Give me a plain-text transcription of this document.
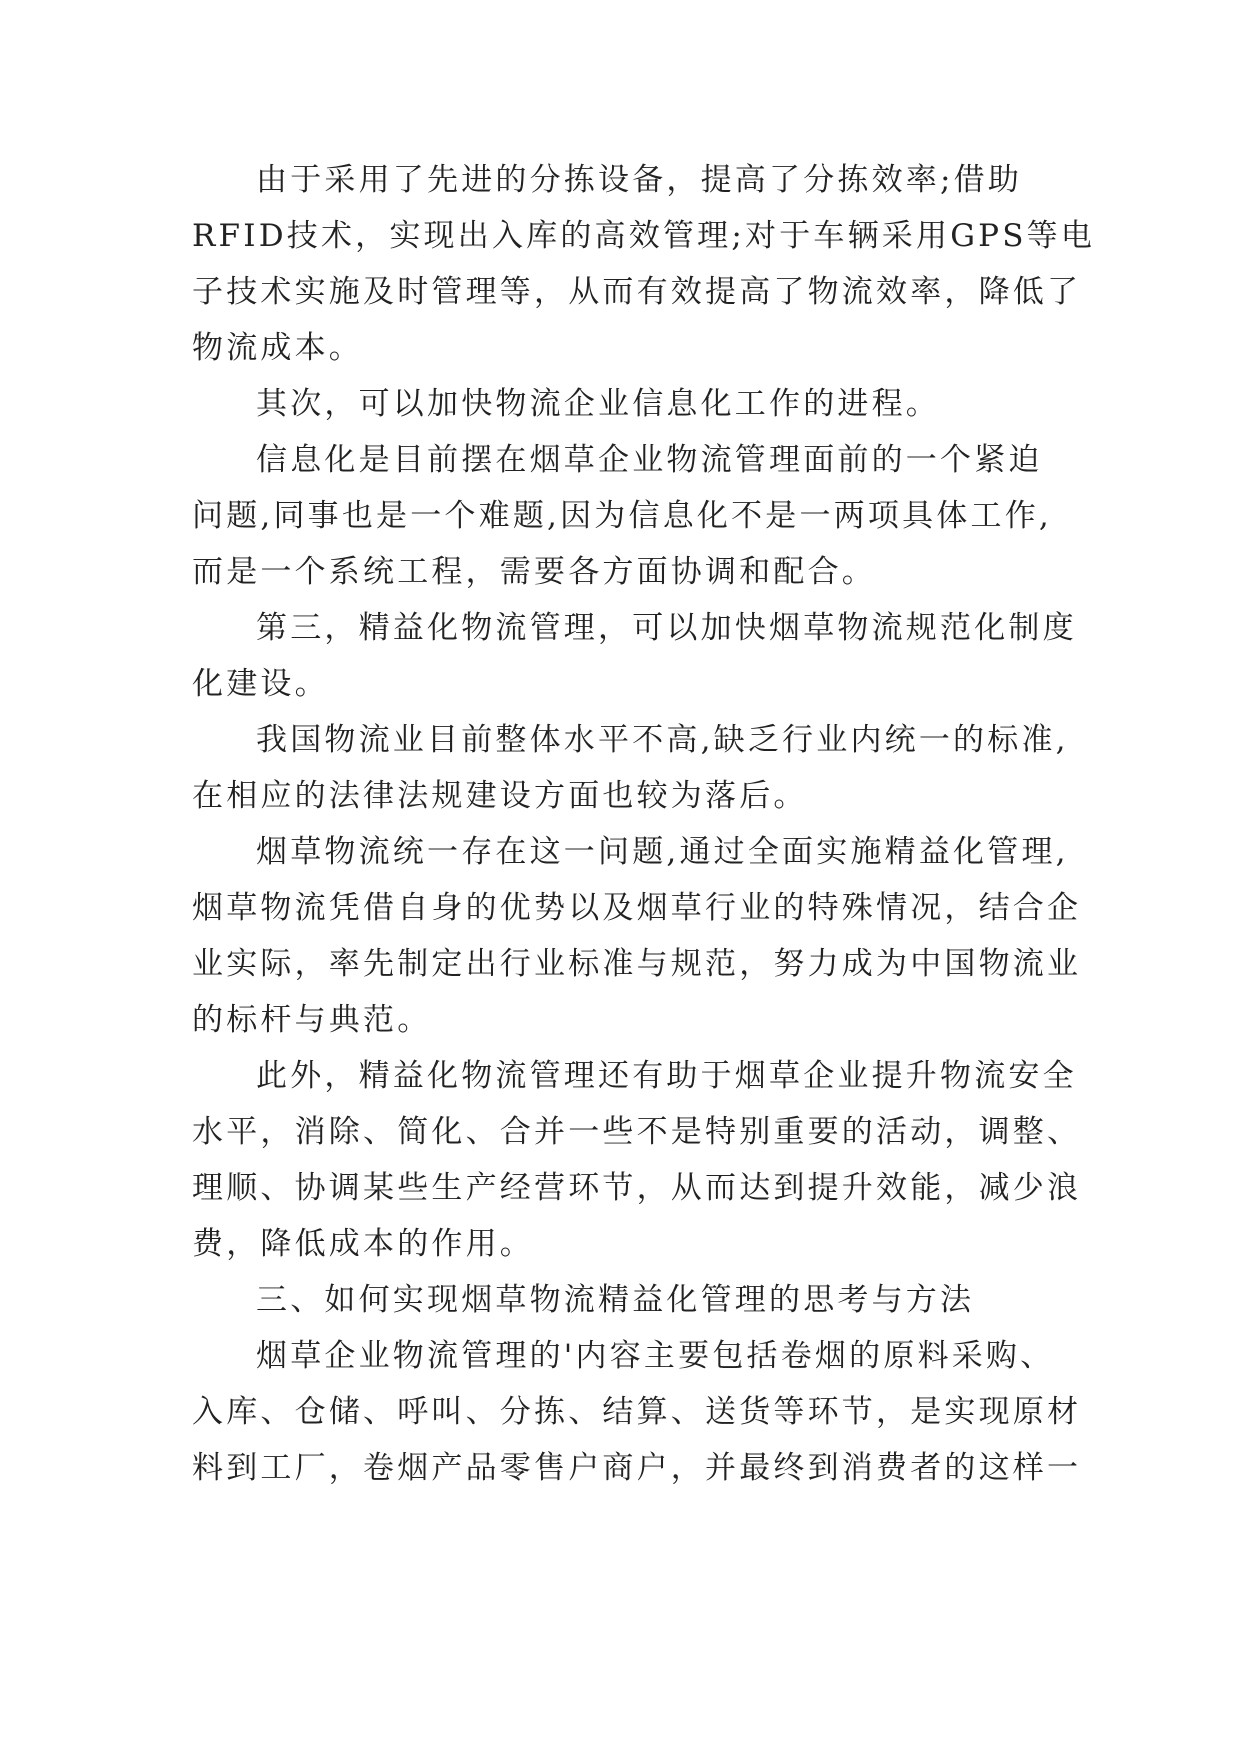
由于采用了先进的分拣设备，提高了分拣效率;借助
RFID技术，实现出入库的高效管理;对于车辆采用GPS等电
子技术实施及时管理等，从而有效提高了物流效率，降低了
物流成本。
其次，可以加快物流企业信息化工作的进程。
信息化是目前摆在烟草企业物流管理面前的一个紧迫
问题,同事也是一个难题,因为信息化不是一两项具体工作,
而是一个系统工程，需要各方面协调和配合。
第三，精益化物流管理，可以加快烟草物流规范化制度
化建设。
我国物流业目前整体水平不高,缺乏行业内统一的标准,
在相应的法律法规建设方面也较为落后。
烟草物流统一存在这一问题,通过全面实施精益化管理,
烟草物流凭借自身的优势以及烟草行业的特殊情况，结合企
业实际，率先制定出行业标准与规范，努力成为中国物流业
的标杆与典范。
此外，精益化物流管理还有助于烟草企业提升物流安全
水平，消除、简化、合并一些不是特别重要的活动，调整、
理顺、协调某些生产经营环节，从而达到提升效能，减少浪
费，降低成本的作用。
三、如何实现烟草物流精益化管理的思考与方法
烟草企业物流管理的'内容主要包括卷烟的原料采购、
入库、仓储、呼叫、分拣、结算、送货等环节，是实现原材
料到工厂，卷烟产品零售户商户，并最终到消费者的这样一
